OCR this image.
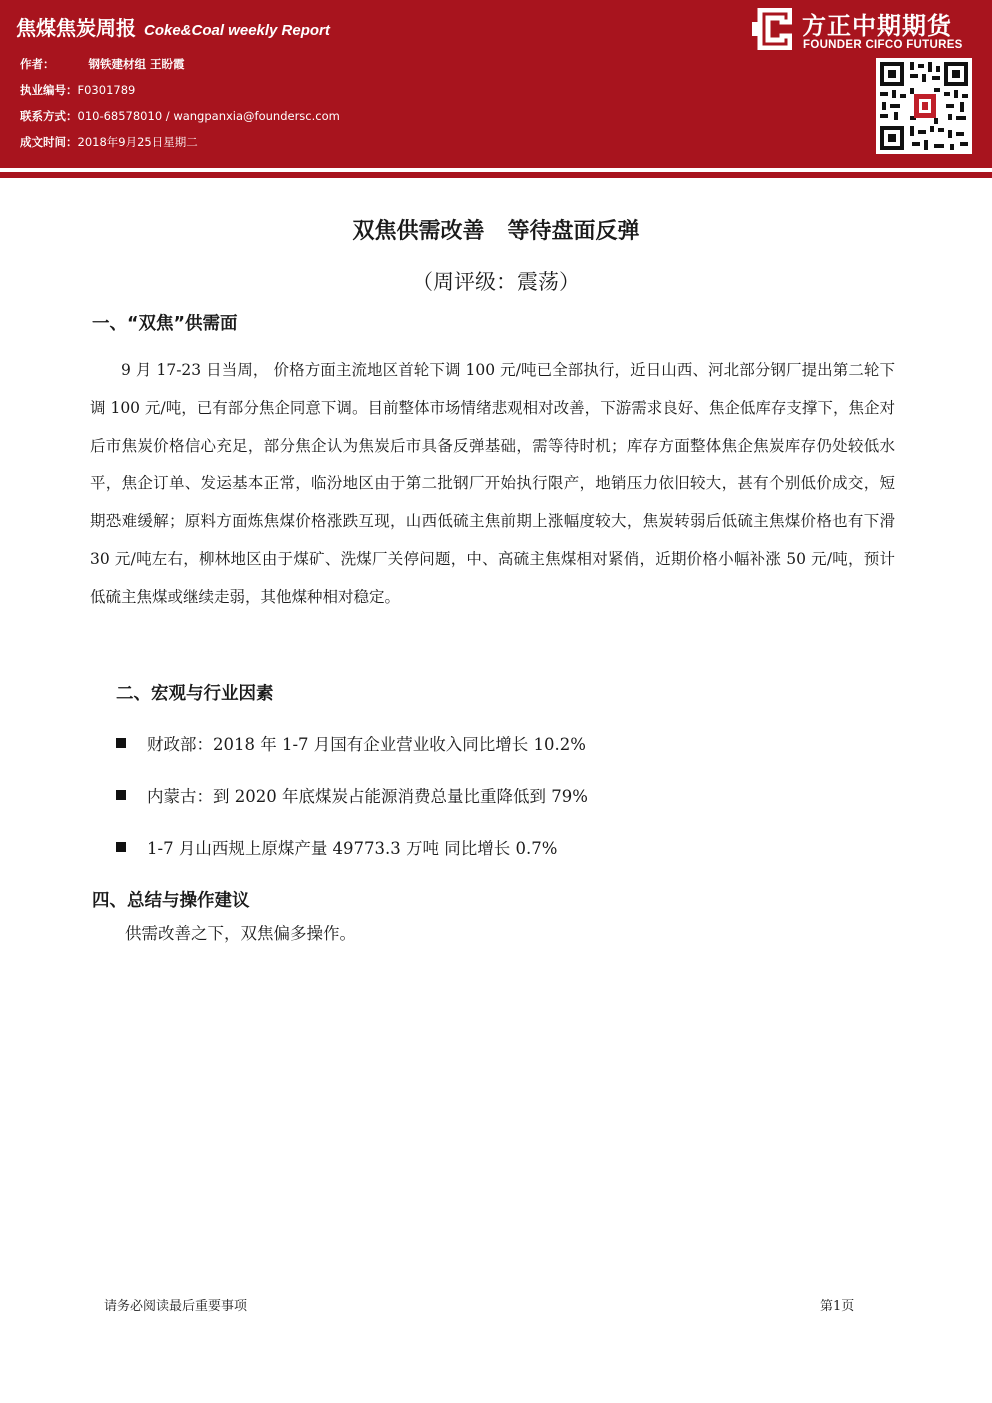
焦煤焦炭周报 Coke&Coal weekly Report
作者：	钢铁建材组 王盼霞
执业编号：F0301789
联系方式：010-68578010 / wangpanxia@foundersc.com
成文时间：2018年9月25日星期二
方正中期期货
FOUNDER CIFCO FUTURES
双焦供需改善   等待盘面反弹
（周评级：震荡）
一、“双焦”供需面

9 月 17-23 日当周， 价格方面主流地区首轮下调 100 元/吨已全部执行，近日山西、河北部分钢厂提出第二轮下调 100 元/吨，已有部分焦企同意下调。目前整体市场情绪悲观相对改善，下游需求良好、焦企低库存支撑下，焦企对后市焦炭价格信心充足，部分焦企认为焦炭后市具备反弹基础，需等待时机；库存方面整体焦企焦炭库存仍处较低水平，焦企订单、发运基本正常，临汾地区由于第二批钢厂开始执行限产，地销压力依旧较大，甚有个别低价成交，短期恐难缓解；原料方面炼焦煤价格涨跌互现，山西低硫主焦前期上涨幅度较大，焦炭转弱后低硫主焦煤价格也有下滑 30 元/吨左右，柳林地区由于煤矿、洗煤厂关停问题，中、高硫主焦煤相对紧俏，近期价格小幅补涨 50 元/吨，预计低硫主焦煤或继续走弱，其他煤种相对稳定。

二、宏观与行业因素
财政部：2018 年 1-7 月国有企业营业收入同比增长 10.2%
内蒙古：到 2020 年底煤炭占能源消费总量比重降低到 79%
1-7 月山西规上原煤产量 49773.3 万吨 同比增长 0.7%
四、总结与操作建议
供需改善之下，双焦偏多操作。
请务必阅读最后重要事项	第1页
